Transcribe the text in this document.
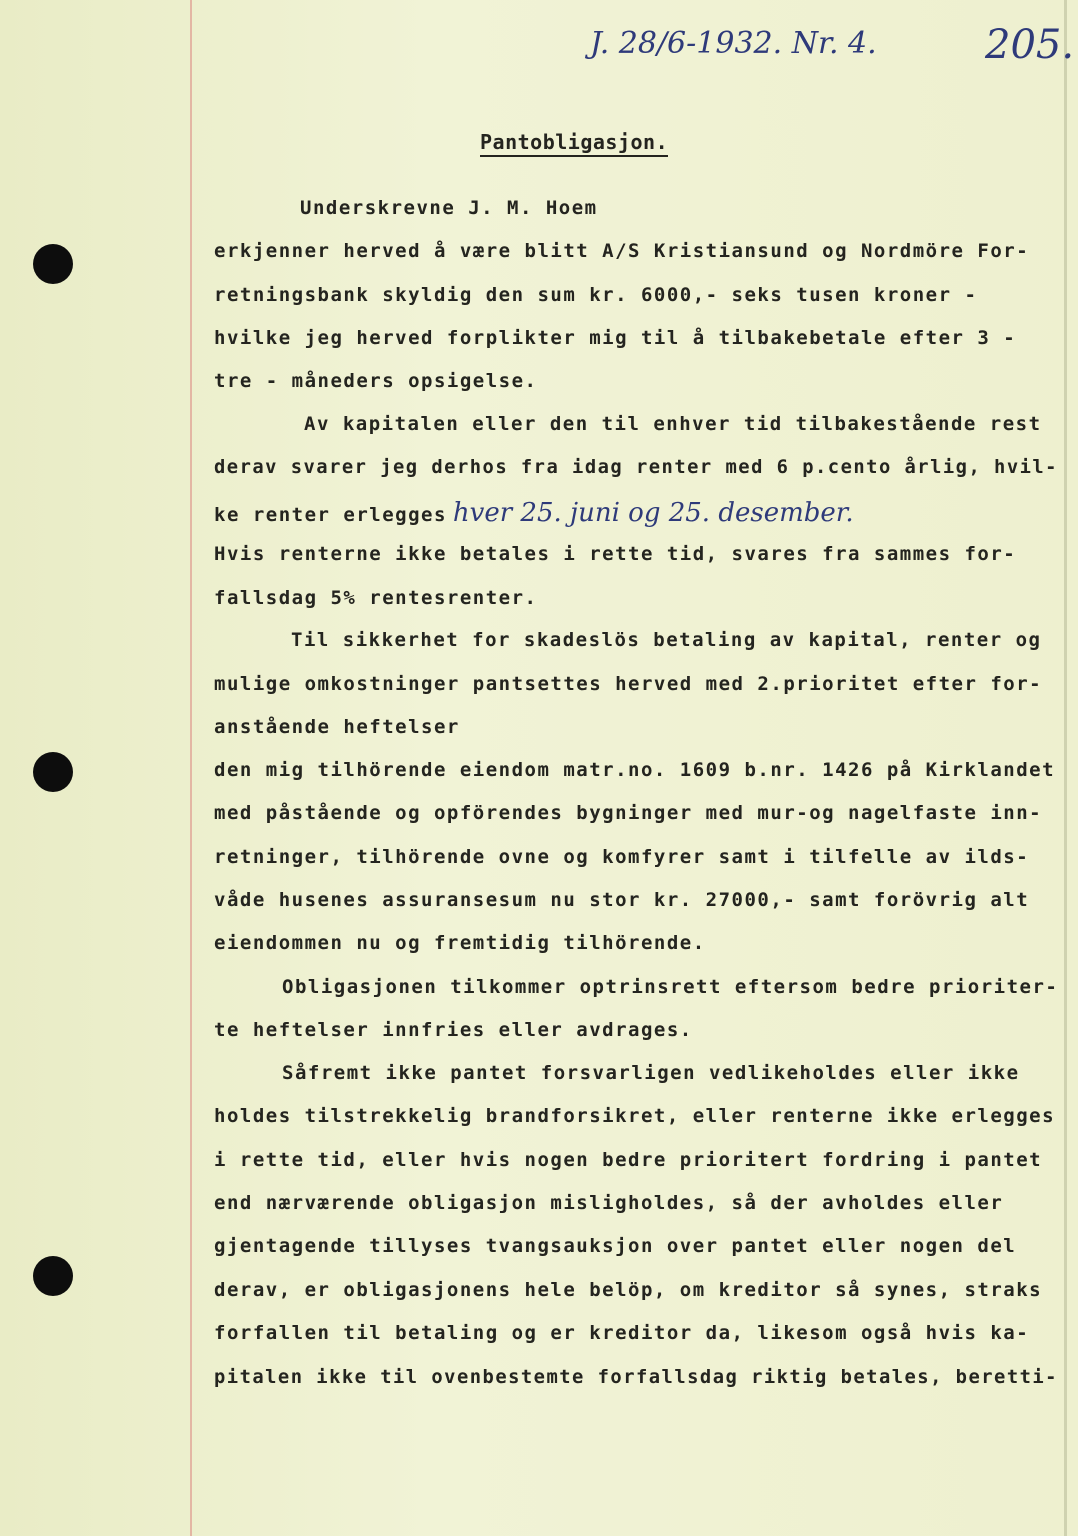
J. 28/6-1932. Nr. 4.	205.
Pantobligasjon.
Underskrevne J. M. Hoem
erkjenner herved å være blitt A/S Kristiansund og Nordmöre For-
retningsbank skyldig den sum kr. 6000,- seks tusen kroner -
hvilke jeg herved forplikter mig til å tilbakebetale efter 3 -
tre - måneders opsigelse.
Av kapitalen eller den til enhver tid tilbakestående rest
derav svarer jeg derhos fra idag renter med 6 p.cento årlig, hvil-
ke renter erlegges hver 25. juni og 25. desember.
Hvis renterne ikke betales i rette tid, svares fra sammes for-
fallsdag 5% rentesrenter.
Til sikkerhet for skadeslös betaling av kapital, renter og
mulige omkostninger pantsettes herved med 2.prioritet efter for-
anstående heftelser
den mig tilhörende eiendom matr.no. 1609 b.nr. 1426 på Kirklandet
med påstående og opförendes bygninger med mur-og nagelfaste inn-
retninger, tilhörende ovne og komfyrer samt i tilfelle av ilds-
våde husenes assuransesum nu stor kr. 27000,- samt forövrig alt
eiendommen nu og fremtidig tilhörende.
Obligasjonen tilkommer optrinsrett eftersom bedre prioriter-
te heftelser innfries eller avdrages.
Såfremt ikke pantet forsvarligen vedlikeholdes eller ikke
holdes tilstrekkelig brandforsikret, eller renterne ikke erlegges
i rette tid, eller hvis nogen bedre prioritert fordring i pantet
end nærværende obligasjon misligholdes, så der avholdes eller
gjentagende tillyses tvangsauksjon over pantet eller nogen del
derav, er obligasjonens hele belöp, om kreditor så synes, straks
forfallen til betaling og er kreditor da, likesom også hvis ka-
pitalen ikke til ovenbestemte forfallsdag riktig betales, beretti-
